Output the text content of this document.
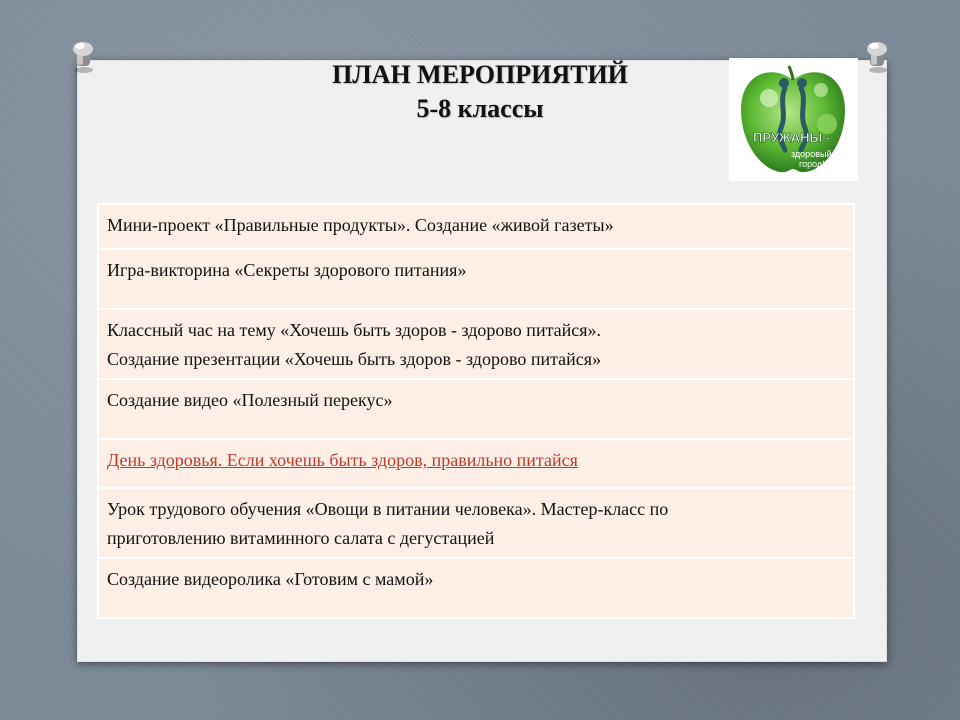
ПЛАН МЕРОПРИЯТИЙ
5-8 классы
ПРУЖАНЫ -
здоровый
город!
Мини-проект «Правильные продукты». Создание «живой газеты»

Игра-викторина «Секреты здорового питания»

Классный час на тему «Хочешь быть здоров - здорово питайся».
Создание презентации «Хочешь быть здоров - здорово питайся»

Создание видео «Полезный перекус»

День здоровья. Если хочешь быть здоров, правильно питайся

Урок трудового обучения «Овощи в питании человека». Мастер-класс по
приготовлению витаминного салата с дегустацией

Создание видеоролика «Готовим с мамой»
